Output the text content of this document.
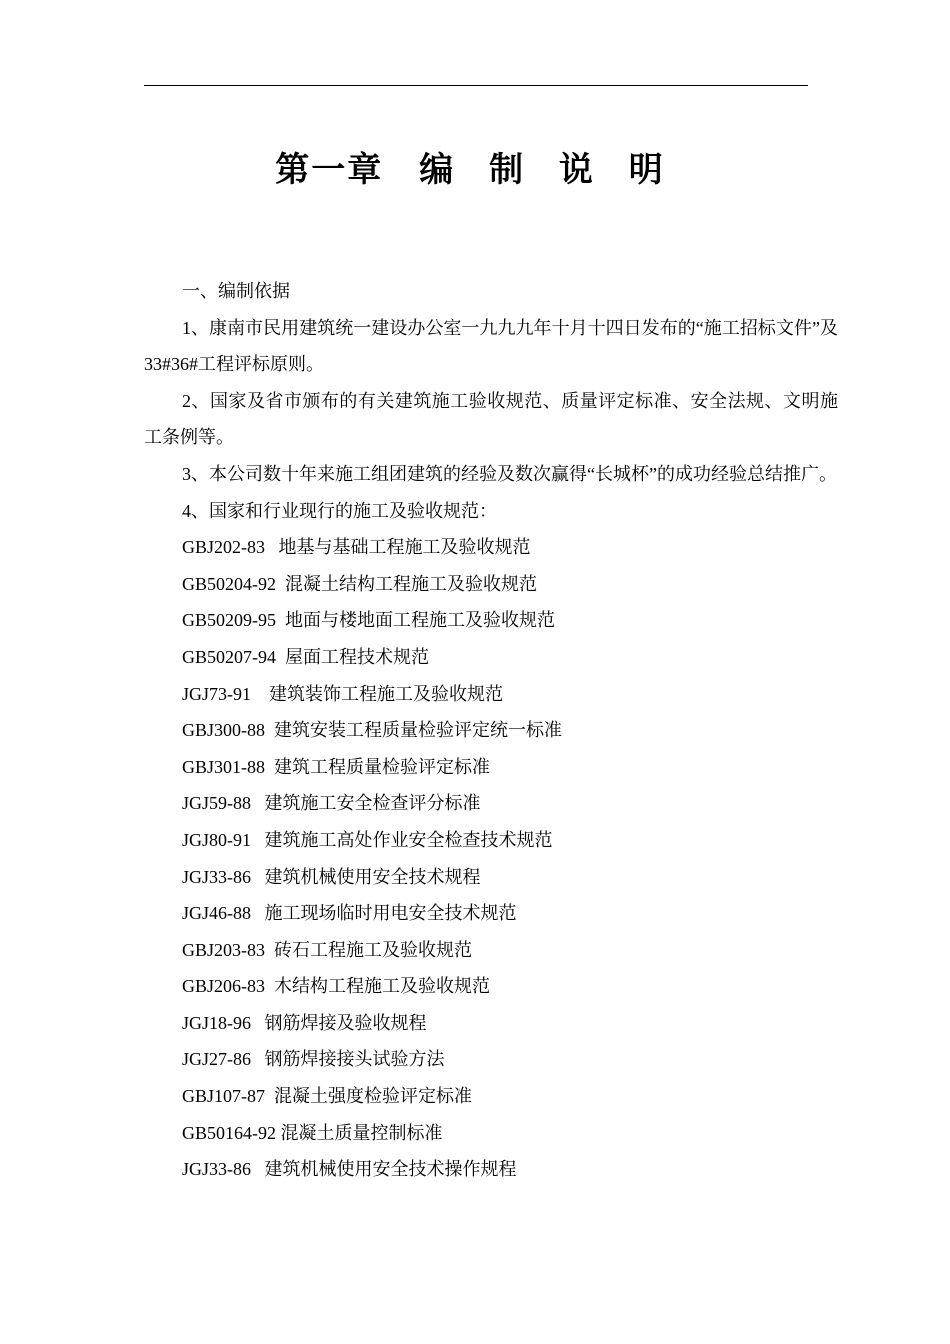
第一章 编 制 说 明

一、编制依据

1、康南市民用建筑统一建设办公室一九九九年十月十四日发布的“施工招标文件”及33#36#工程评标原则。

2、国家及省市颁布的有关建筑施工验收规范、质量评定标准、安全法规、文明施工条例等。

3、本公司数十年来施工组团建筑的经验及数次赢得“长城杯”的成功经验总结推广。

4、国家和行业现行的施工及验收规范：

GBJ202-83 地基与基础工程施工及验收规范
GB50204-92 混凝土结构工程施工及验收规范
GB50209-95 地面与楼地面工程施工及验收规范
GB50207-94 屋面工程技术规范
JGJ73-91 建筑装饰工程施工及验收规范
GBJ300-88 建筑安装工程质量检验评定统一标准
GBJ301-88 建筑工程质量检验评定标准
JGJ59-88 建筑施工安全检查评分标准
JGJ80-91 建筑施工高处作业安全检查技术规范
JGJ33-86 建筑机械使用安全技术规程
JGJ46-88 施工现场临时用电安全技术规范
GBJ203-83 砖石工程施工及验收规范
GBJ206-83 木结构工程施工及验收规范
JGJ18-96 钢筋焊接及验收规程
JGJ27-86 钢筋焊接接头试验方法
GBJ107-87 混凝土强度检验评定标准
GB50164-92 混凝土质量控制标准
JGJ33-86 建筑机械使用安全技术操作规程
